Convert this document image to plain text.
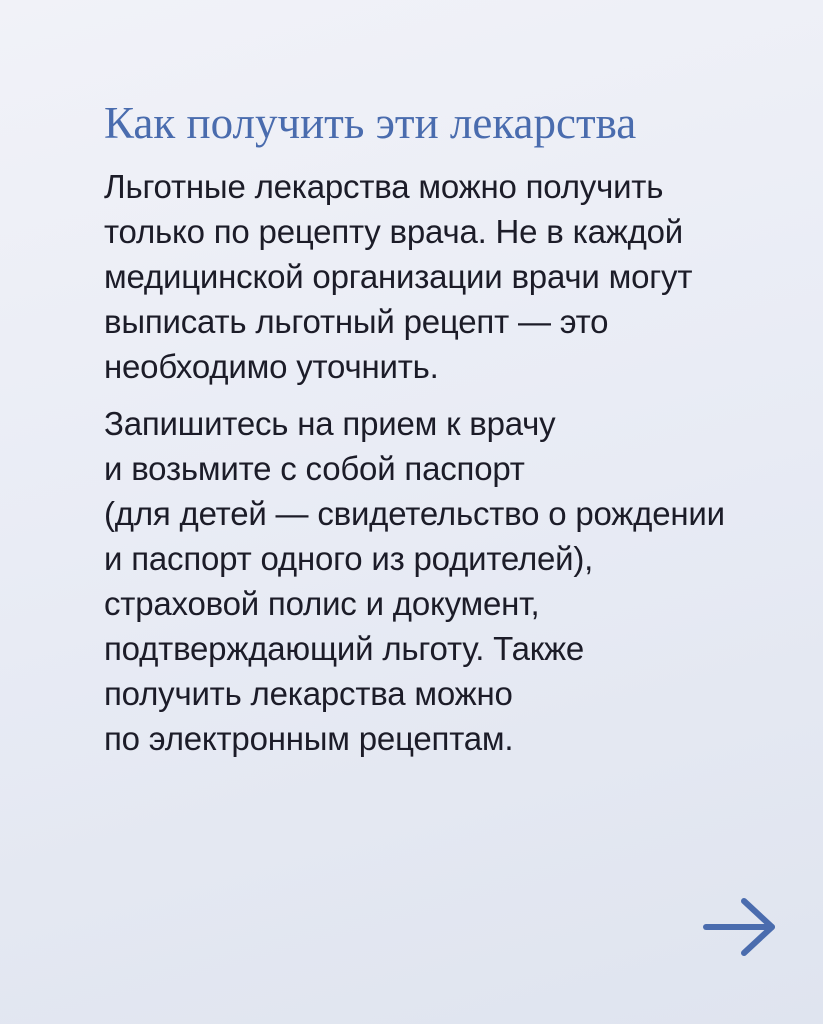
Как получить эти лекарства

Льготные лекарства можно получить
только по рецепту врача. Не в каждой
медицинской организации врачи могут
выписать льготный рецепт — это
необходимо уточнить.

Запишитесь на прием к врачу
и возьмите с собой паспорт
(для детей — свидетельство о рождении
и паспорт одного из родителей),
страховой полис и документ,
подтверждающий льготу. Также
получить лекарства можно
по электронным рецептам.
